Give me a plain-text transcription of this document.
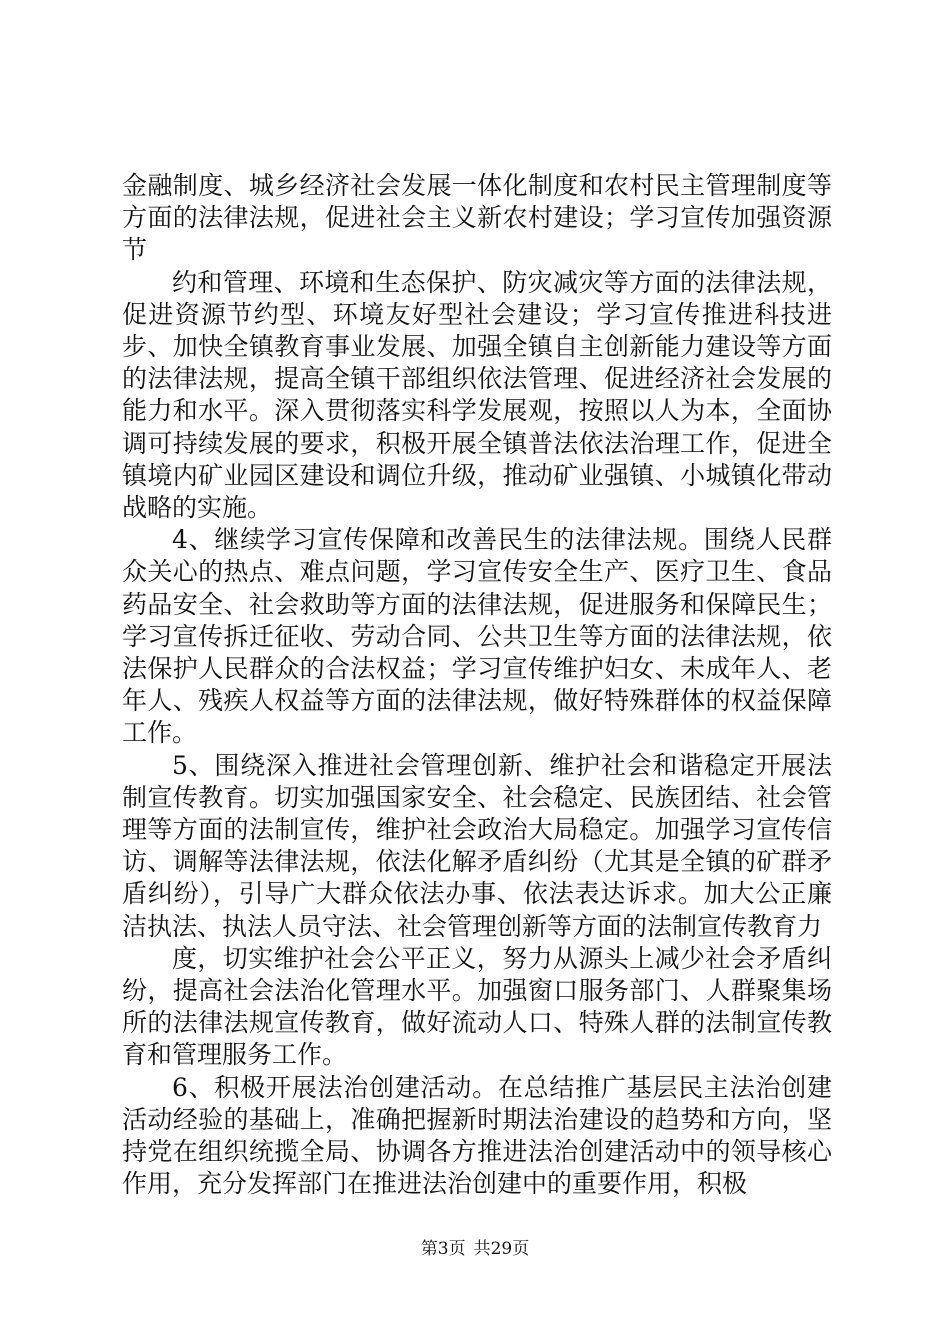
金融制度、城乡经济社会发展一体化制度和农村民主管理制度等方面的法律法规，促进社会主义新农村建设；学习宣传加强资源节

约和管理、环境和生态保护、防灾减灾等方面的法律法规，促进资源节约型、环境友好型社会建设；学习宣传推进科技进步、加快全镇教育事业发展、加强全镇自主创新能力建设等方面的法律法规，提高全镇干部组织依法管理、促进经济社会发展的能力和水平。深入贯彻落实科学发展观，按照以人为本，全面协调可持续发展的要求，积极开展全镇普法依法治理工作，促进全镇境内矿业园区建设和调位升级，推动矿业强镇、小城镇化带动战略的实施。

4、继续学习宣传保障和改善民生的法律法规。围绕人民群众关心的热点、难点问题，学习宣传安全生产、医疗卫生、食品药品安全、社会救助等方面的法律法规，促进服务和保障民生；学习宣传拆迁征收、劳动合同、公共卫生等方面的法律法规，依法保护人民群众的合法权益；学习宣传维护妇女、未成年人、老年人、残疾人权益等方面的法律法规，做好特殊群体的权益保障工作。

5、围绕深入推进社会管理创新、维护社会和谐稳定开展法制宣传教育。切实加强国家安全、社会稳定、民族团结、社会管理等方面的法制宣传，维护社会政治大局稳定。加强学习宣传信访、调解等法律法规，依法化解矛盾纠纷（尤其是全镇的矿群矛盾纠纷），引导广大群众依法办事、依法表达诉求。加大公正廉洁执法、执法人员守法、社会管理创新等方面的法制宣传教育力

度，切实维护社会公平正义，努力从源头上减少社会矛盾纠纷，提高社会法治化管理水平。加强窗口服务部门、人群聚集场所的法律法规宣传教育，做好流动人口、特殊人群的法制宣传教育和管理服务工作。

6、积极开展法治创建活动。在总结推广基层民主法治创建活动经验的基础上，准确把握新时期法治建设的趋势和方向，坚持党在组织统揽全局、协调各方推进法治创建活动中的领导核心作用，充分发挥部门在推进法治创建中的重要作用，积极

第3页 共29页
